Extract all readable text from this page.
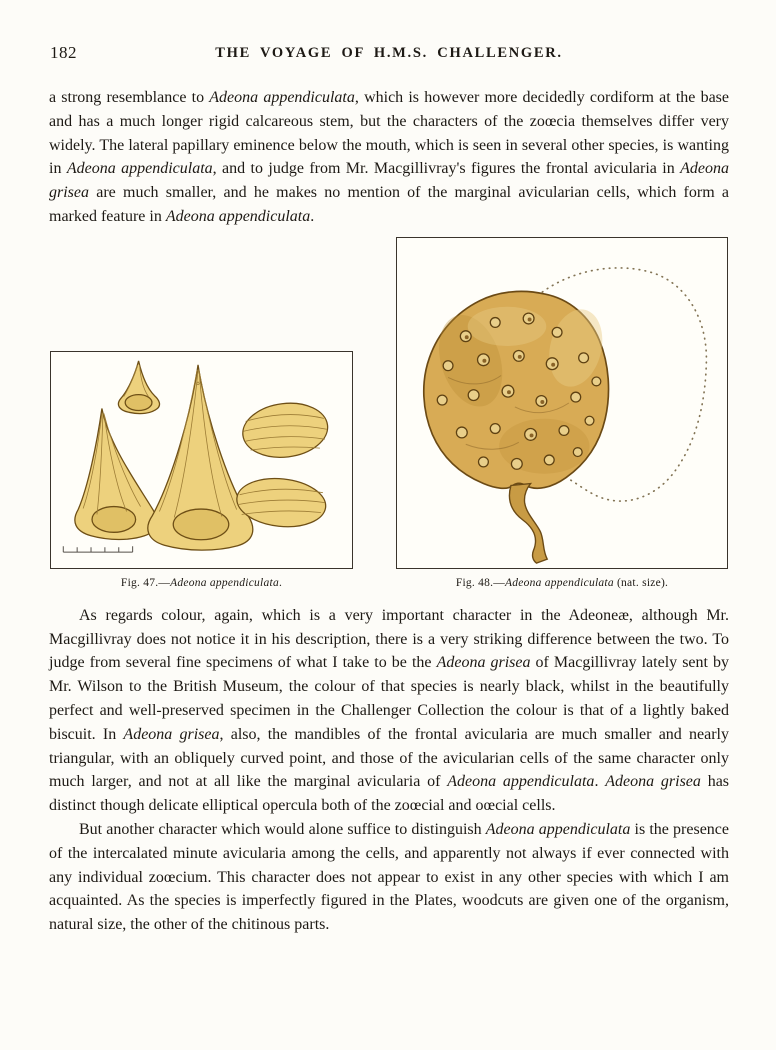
182	THE VOYAGE OF H.M.S. CHALLENGER.

a strong resemblance to Adeona appendiculata, which is however more decidedly cordiform at the base and has a much longer rigid calcareous stem, but the characters of the zoœcia themselves differ very widely. The lateral papillary eminence below the mouth, which is seen in several other species, is wanting in Adeona appendiculata, and to judge from Mr. Macgillivray's figures the frontal avicularia in Adeona grisea are much smaller, and he makes no mention of the marginal avicularian cells, which form a marked feature in Adeona appendiculata.

Fig. 47.—Adeona appendiculata.	Fig. 48.—Adeona appendiculata (nat. size).

As regards colour, again, which is a very important character in the Adeoneæ, although Mr. Macgillivray does not notice it in his description, there is a very striking difference between the two. To judge from several fine specimens of what I take to be the Adeona grisea of Macgillivray lately sent by Mr. Wilson to the British Museum, the colour of that species is nearly black, whilst in the beautifully perfect and well-preserved specimen in the Challenger Collection the colour is that of a lightly baked biscuit. In Adeona grisea, also, the mandibles of the frontal avicularia are much smaller and nearly triangular, with an obliquely curved point, and those of the avicularian cells of the same character only much larger, and not at all like the marginal avicularia of Adeona appendiculata. Adeona grisea has distinct though delicate elliptical opercula both of the zoœcial and oœcial cells.

But another character which would alone suffice to distinguish Adeona appendiculata is the presence of the intercalated minute avicularia among the cells, and apparently not always if ever connected with any individual zoœcium. This character does not appear to exist in any other species with which I am acquainted. As the species is imperfectly figured in the Plates, woodcuts are given one of the organism, natural size, the other of the chitinous parts.
